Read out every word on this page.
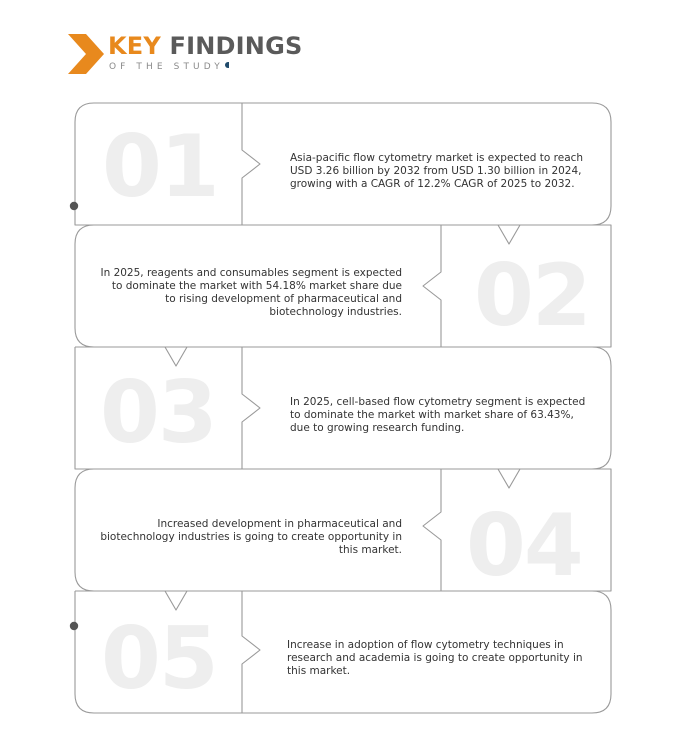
KEY FINDINGS
OF THE STUDY
01
02
03
04
05
Asia-pacific flow cytometry market is expected to reach USD 3.26 billion by 2032 from USD 1.30 billion in 2024, growing with a CAGR of 12.2% CAGR of 2025 to 2032.
In 2025, reagents and consumables segment is expected to dominate the market with 54.18% market share due to rising development of pharmaceutical and biotechnology industries.
In 2025, cell-based flow cytometry segment is expected to dominate the market with market share of 63.43%, due to growing research funding.
Increased development in pharmaceutical and biotechnology industries is going to create opportunity in this market.
Increase in adoption of flow cytometry techniques in research and academia is going to create opportunity in this market.
